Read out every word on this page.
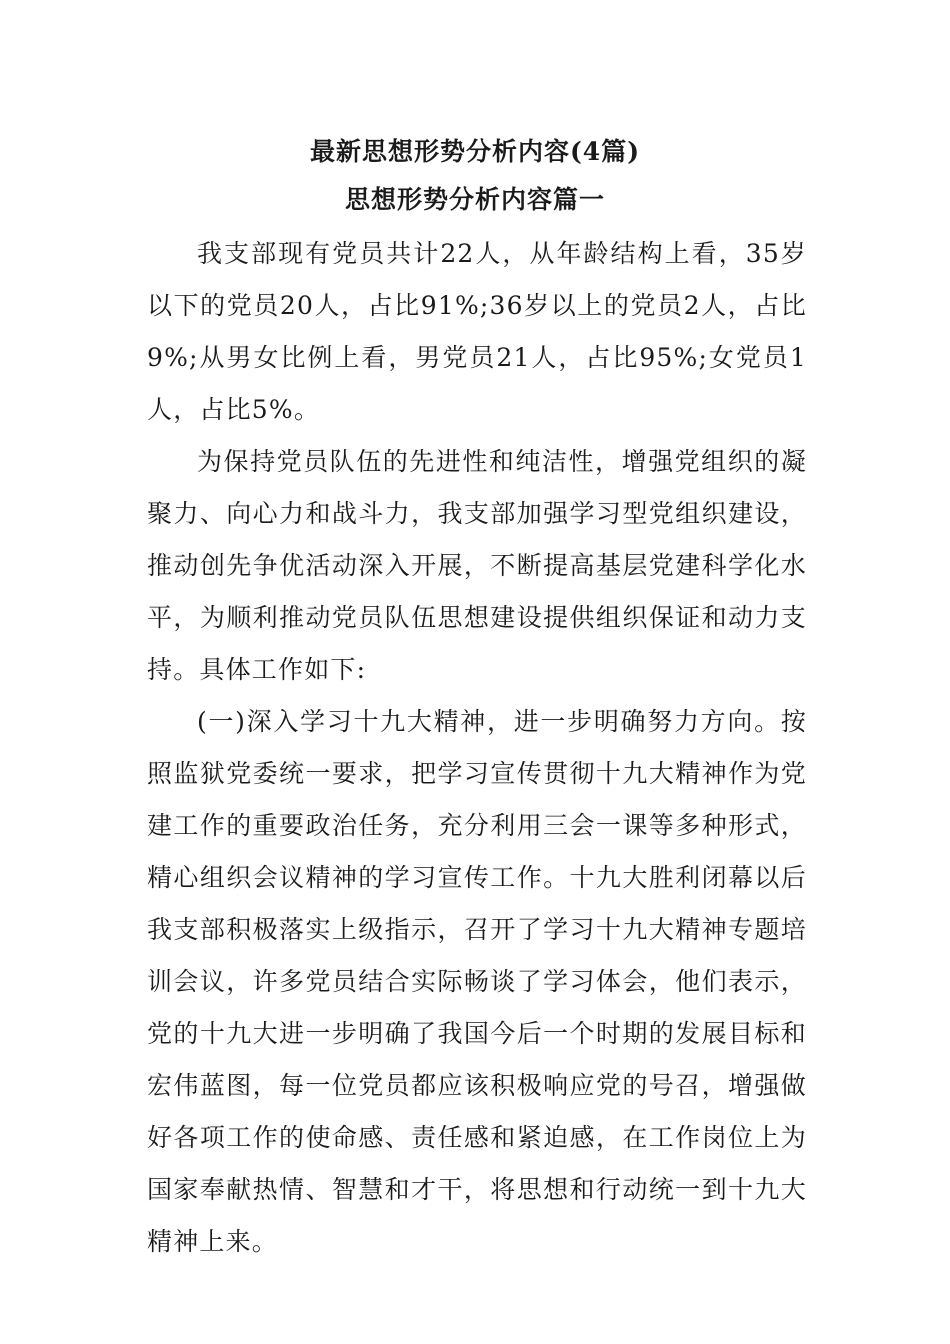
最新思想形势分析内容(4篇)
思想形势分析内容篇一

我支部现有党员共计22人，从年龄结构上看，35岁以下的党员20人，占比91%;36岁以上的党员2人，占比9%;从男女比例上看，男党员21人，占比95%;女党员1人，占比5%。

为保持党员队伍的先进性和纯洁性，增强党组织的凝聚力、向心力和战斗力，我支部加强学习型党组织建设，推动创先争优活动深入开展，不断提高基层党建科学化水平，为顺利推动党员队伍思想建设提供组织保证和动力支持。具体工作如下:

(一)深入学习十九大精神，进一步明确努力方向。按照监狱党委统一要求，把学习宣传贯彻十九大精神作为党建工作的重要政治任务，充分利用三会一课等多种形式，精心组织会议精神的学习宣传工作。十九大胜利闭幕以后我支部积极落实上级指示，召开了学习十九大精神专题培训会议，许多党员结合实际畅谈了学习体会，他们表示，党的十九大进一步明确了我国今后一个时期的发展目标和宏伟蓝图，每一位党员都应该积极响应党的号召，增强做好各项工作的使命感、责任感和紧迫感，在工作岗位上为国家奉献热情、智慧和才干，将思想和行动统一到十九大精神上来。
